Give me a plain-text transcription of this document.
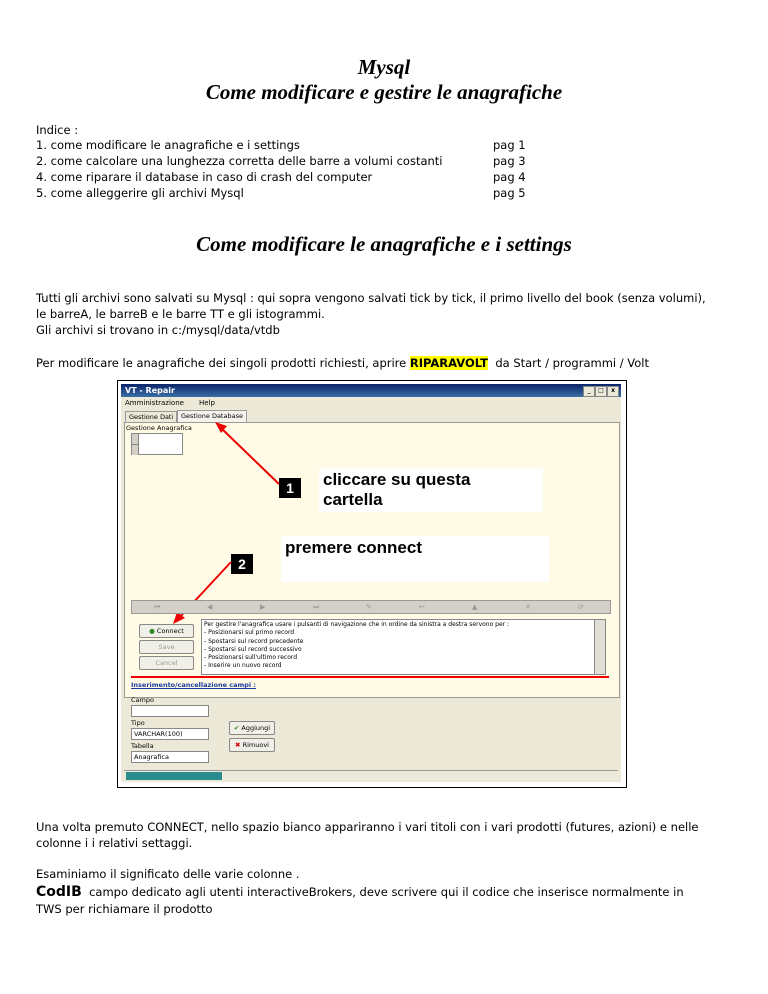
Mysql
Come modificare e gestire le anagrafiche
Indice :
1. come modificare le anagrafiche e i settings	pag 1
2. come calcolare una lunghezza corretta delle barre a volumi costanti	pag 3
4. come riparare il database in caso di crash del computer	pag 4
5. come alleggerire gli archivi Mysql	pag 5
Come modificare le anagrafiche e i settings
Tutti gli archivi sono salvati su Mysql : qui sopra vengono salvati tick by tick, il primo livello del book (senza volumi),
le barreA, le barreB e le barre TT e gli istogrammi.
Gli archivi si trovano in c:/mysql/data/vtdb
Per modificare le anagrafiche dei singoli prodotti richiesti, aprire RIPARAVOLT  da Start / programmi / Volt
VT - Repair	_	□	x
Amministrazione Help
Gestione Dati	Gestione Database
Gestione Anagrafica
1	cliccare su questa
cartella
2
premere connect
⏮	◀	▶	⏭	✎	↩	▲	✕	⟳
● Connect
Save
Cancel
Per gestire l'anagrafica usare i pulsanti di navigazione che in ordine da sinistra a destra servono per :
- Posizionarsi sul primo record
- Spostarsi sul record precedente
- Spostarsi sul record successivo
- Posizionarsi sull'ultimo record
- Inserire un nuovo record
Inserimento/cancellazione campi :
Campo
Tipo
VARCHAR(100)
Tabella
Anagrafica
✔ Aggiungi
✖ Rimuovi
Una volta premuto CONNECT, nello spazio bianco appariranno i vari titoli con i vari prodotti (futures, azioni) e nelle
colonne i i relativi settaggi.
Esaminiamo il significato delle varie colonne .
CodIB  campo dedicato agli utenti interactiveBrokers, deve scrivere qui il codice che inserisce normalmente in
TWS per richiamare il prodotto
